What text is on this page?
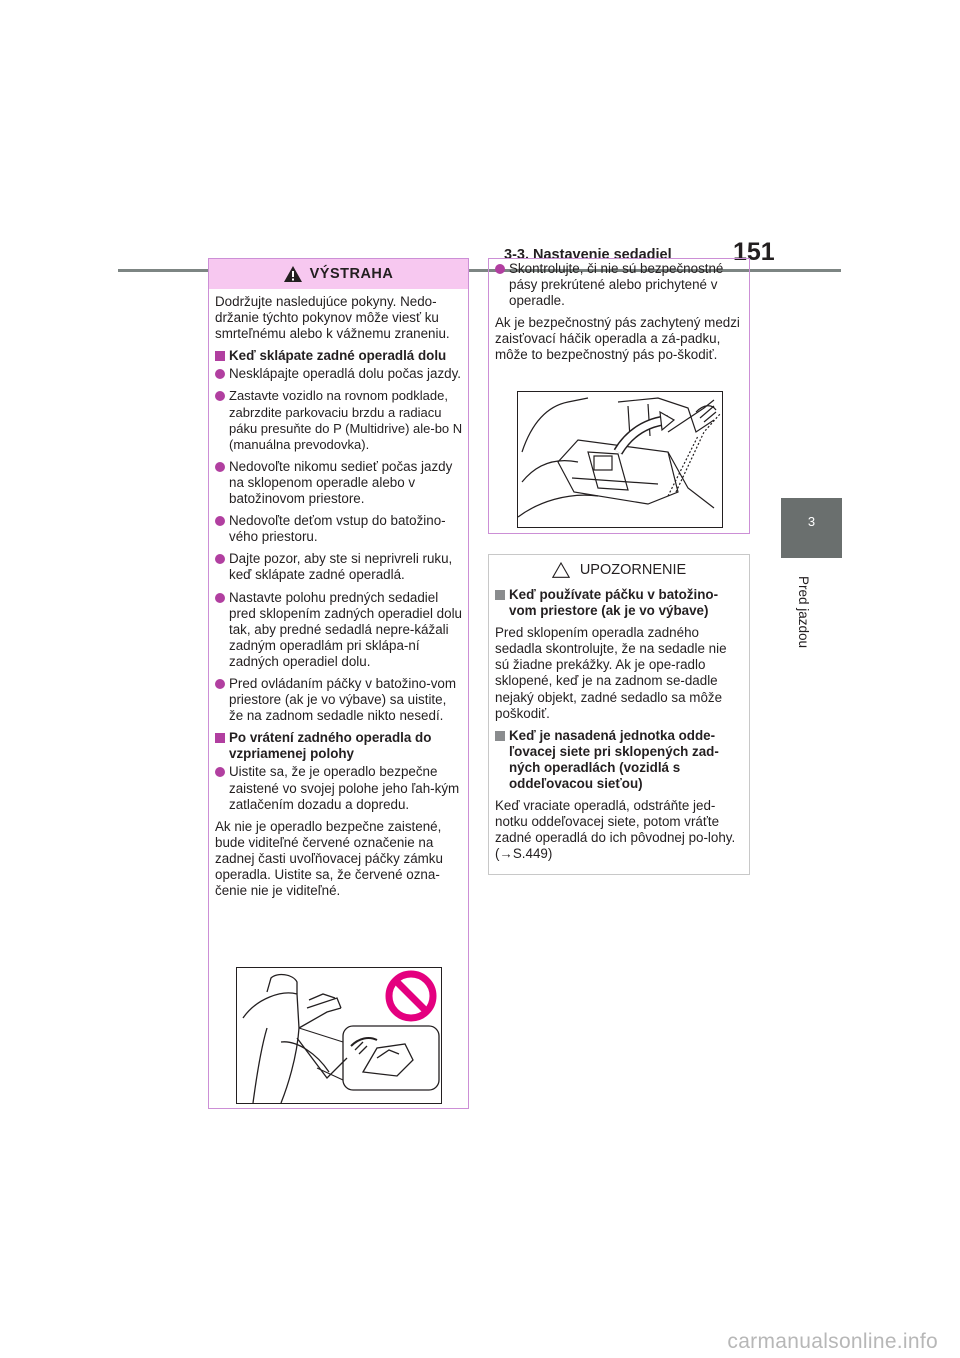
3-3. Nastavenie sedadiel 151
3
Pred jazdou
VÝSTRAHA
Dodržujte nasledujúce pokyny. Nedo-držanie týchto pokynov môže viesť ku smrteľnému alebo k vážnemu zraneniu.
Keď sklápate zadné operadlá dolu
Nesklápajte operadlá dolu počas jazdy.
Zastavte vozidlo na rovnom podklade, zabrzdite parkovaciu brzdu a radiacu páku presuňte do P (Multidrive) ale-bo N (manuálna prevodovka).
Nedovoľte nikomu sedieť počas jazdy na sklopenom operadle alebo v batožinovom priestore.
Nedovoľte deťom vstup do batožino-vého priestoru.
Dajte pozor, aby ste si neprivreli ruku, keď sklápate zadné operadlá.
Nastavte polohu predných sedadiel pred sklopením zadných operadiel dolu tak, aby predné sedadlá nepre-kážali zadným operadlám pri sklápa-ní zadných operadiel dolu.
Pred ovládaním páčky v batožino-vom priestore (ak je vo výbave) sa uistite, že na zadnom sedadle nikto nesedí.
Po vrátení zadného operadla do vzpriamenej polohy
Uistite sa, že je operadlo bezpečne zaistené vo svojej polohe jeho ľah-kým zatlačením dozadu a dopredu.
Ak nie je operadlo bezpečne zaistené, bude viditeľné červené označenie na zadnej časti uvoľňovacej páčky zámku operadla. Uistite sa, že červené ozna-čenie nie je viditeľné.
Skontrolujte, či nie sú bezpečnostné pásy prekrútené alebo prichytené v operadle.
Ak je bezpečnostný pás zachytený medzi zaisťovací háčik operadla a zá-padku, môže to bezpečnostný pás po-škodiť.
UPOZORNENIE
Keď používate páčku v batožino-vom priestore (ak je vo výbave)
Pred sklopením operadla zadného sedadla skontrolujte, že na sedadle nie sú žiadne prekážky. Ak je ope-radlo sklopené, keď je na zadnom se-dadle nejaký objekt, zadné sedadlo sa môže poškodiť.
Keď je nasadená jednotka odde-ľovacej siete pri sklopených zad-ných operadlách (vozidlá s oddeľovacou sieťou)
Keď vraciate operadlá, odstráňte jed-notku oddeľovacej siete, potom vráťte zadné operadlá do ich pôvodnej po-lohy. (→S.449)
carmanualsonline.info
